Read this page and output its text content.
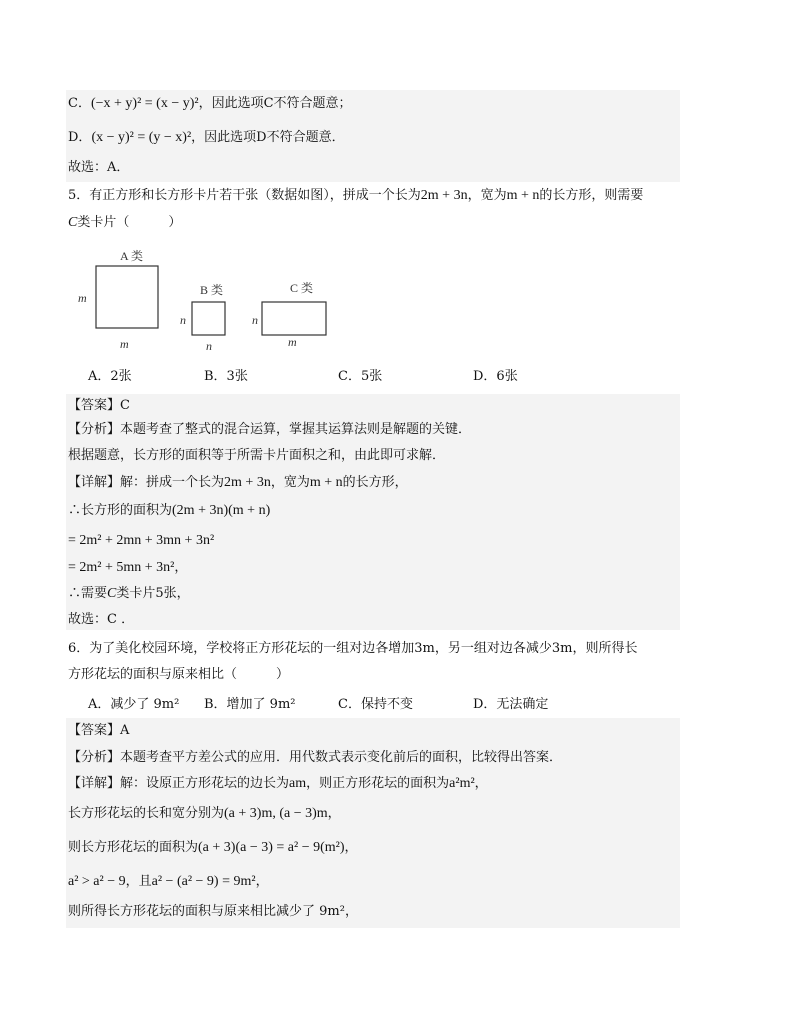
C．(−x + y)² = (x − y)²，因此选项C不符合题意；
D．(x − y)² = (y − x)²，因此选项D不符合题意．
故选：A．
5．有正方形和长方形卡片若干张（数据如图），拼成一个长为2m + 3n，宽为m + n的长方形，则需要
C类卡片（　　　）
A 类
m
m
B 类
n
n
C 类
n
m
A．2张	B．3张	C．5张	D．6张
【答案】C
【分析】本题考查了整式的混合运算，掌握其运算法则是解题的关键．
根据题意，长方形的面积等于所需卡片面积之和，由此即可求解．
【详解】解：拼成一个长为2m + 3n，宽为m + n的长方形，
∴长方形的面积为(2m + 3n)(m + n)
= 2m² + 2mn + 3mn + 3n²
= 2m² + 5mn + 3n²，
∴需要C类卡片5张，
故选：C ．
6．为了美化校园环境，学校将正方形花坛的一组对边各增加3m，另一组对边各减少3m，则所得长
方形花坛的面积与原来相比（　　　）
A．减少了 9m² B．增加了 9m²	C．保持不变	D．无法确定
【答案】A
【分析】本题考查平方差公式的应用．用代数式表示变化前后的面积，比较得出答案．
【详解】解：设原正方形花坛的边长为am，则正方形花坛的面积为a²m²，
长方形花坛的长和宽分别为(a + 3)m, (a − 3)m，
则长方形花坛的面积为(a + 3)(a − 3) = a² − 9(m²)，
a² > a² − 9，且a² − (a² − 9) = 9m²，
则所得长方形花坛的面积与原来相比减少了 9m²，
